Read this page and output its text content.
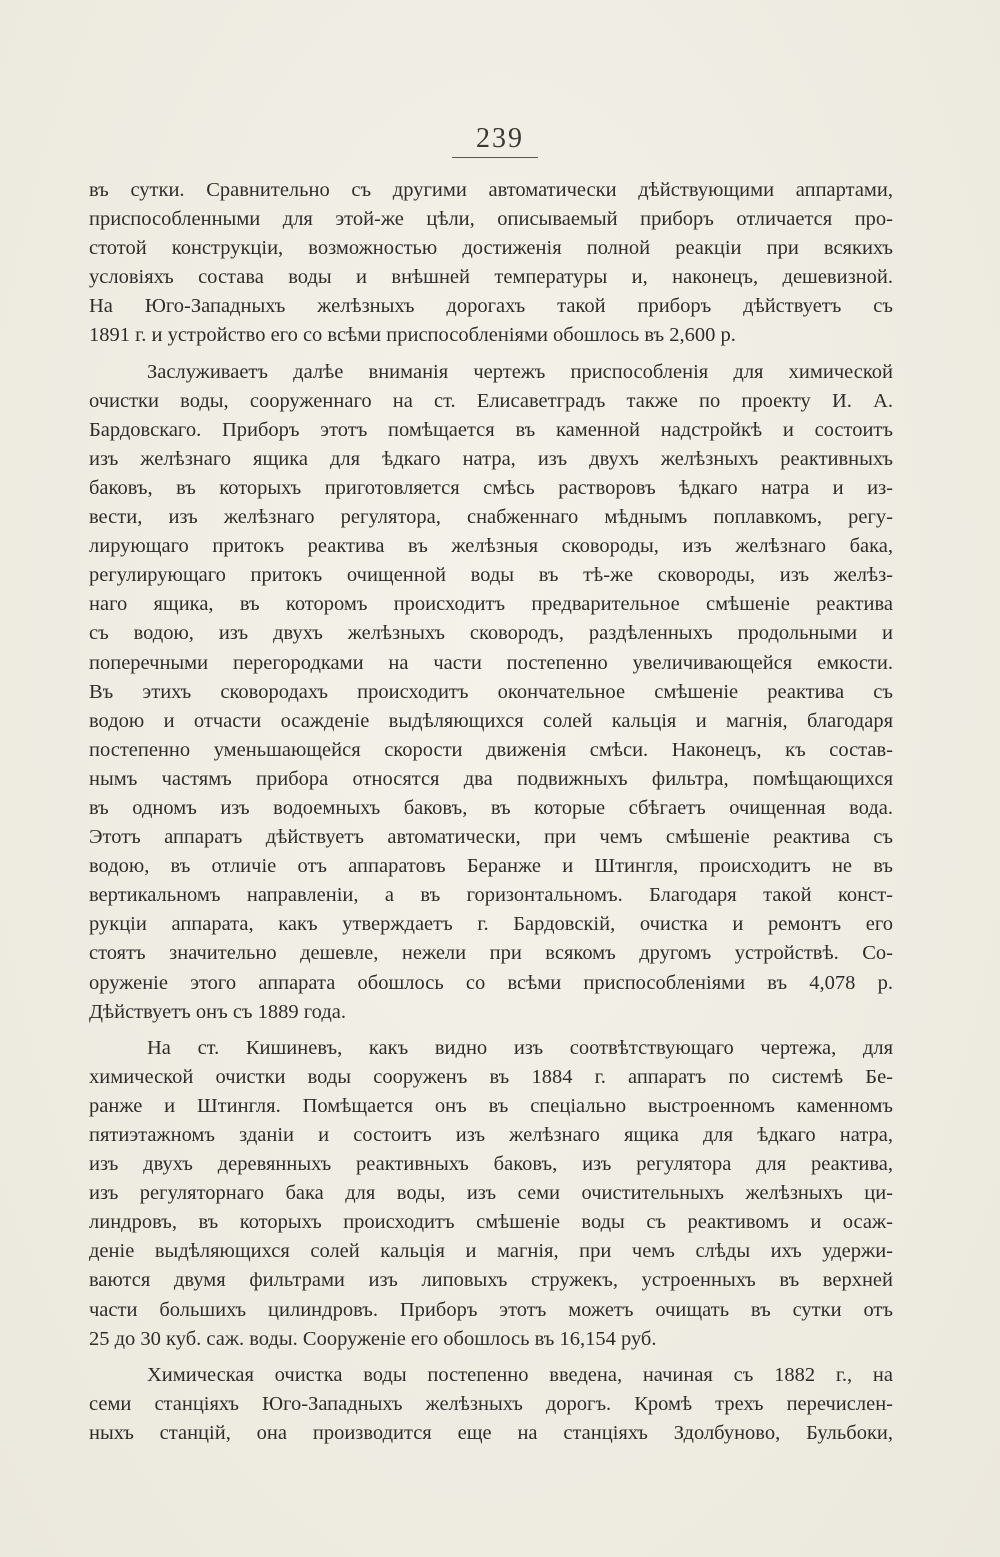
239

въ сутки. Сравнительно съ другими автоматически дѣйствующими аппартами,

приспособленными для этой-же цѣли, описываемый приборъ отличается про-

стотой конструкціи, возможностью достиженія полной реакціи при всякихъ

условіяхъ состава воды и внѣшней температуры и, наконецъ, дешевизной.

На Юго-Западныхъ желѣзныхъ дорогахъ такой приборъ дѣйствуетъ съ

1891 г. и устройство его со всѣми приспособленіями обошлось въ 2,600 р.

Заслуживаетъ далѣе вниманія чертежъ приспособленія для химической

очистки воды, сооруженнаго на ст. Елисаветградъ также по проекту И. А.

Бардовскаго. Приборъ этотъ помѣщается въ каменной надстройкѣ и состоитъ

изъ желѣзнаго ящика для ѣдкаго натра, изъ двухъ желѣзныхъ реактивныхъ

баковъ, въ которыхъ приготовляется смѣсь растворовъ ѣдкаго натра и из-

вести, изъ желѣзнаго регулятора, снабженнаго мѣднымъ поплавкомъ, регу-

лирующаго притокъ реактива въ желѣзныя сковороды, изъ желѣзнаго бака,

регулирующаго притокъ очищенной воды въ тѣ-же сковороды, изъ желѣз-

наго ящика, въ которомъ происходитъ предварительное смѣшеніе реактива

съ водою, изъ двухъ желѣзныхъ сковородъ, раздѣленныхъ продольными и

поперечными перегородками на части постепенно увеличивающейся емкости.

Въ этихъ сковородахъ происходитъ окончательное смѣшеніе реактива съ

водою и отчасти осажденіе выдѣляющихся солей кальція и магнія, благодаря

постепенно уменьшающейся скорости движенія смѣси. Наконецъ, къ состав-

нымъ частямъ прибора относятся два подвижныхъ фильтра, помѣщающихся

въ одномъ изъ водоемныхъ баковъ, въ которые сбѣгаетъ очищенная вода.

Этотъ аппаратъ дѣйствуетъ автоматически, при чемъ смѣшеніе реактива съ

водою, въ отличіе отъ аппаратовъ Беранже и Штингля, происходитъ не въ

вертикальномъ направленіи, а въ горизонтальномъ. Благодаря такой конст-

рукціи аппарата, какъ утверждаетъ г. Бардовскій, очистка и ремонтъ его

стоятъ значительно дешевле, нежели при всякомъ другомъ устройствѣ. Со-

оруженіе этого аппарата обошлось со всѣми приспособленіями въ 4,078 р.

Дѣйствуетъ онъ съ 1889 года.

На ст. Кишиневъ, какъ видно изъ соотвѣтствующаго чертежа, для

химической очистки воды сооруженъ въ 1884 г. аппаратъ по системѣ Бе-

ранже и Штингля. Помѣщается онъ въ спеціально выстроенномъ каменномъ

пятиэтажномъ зданіи и состоитъ изъ желѣзнаго ящика для ѣдкаго натра,

изъ двухъ деревянныхъ реактивныхъ баковъ, изъ регулятора для реактива,

изъ регуляторнаго бака для воды, изъ семи очистительныхъ желѣзныхъ ци-

линдровъ, въ которыхъ происходитъ смѣшеніе воды съ реактивомъ и осаж-

деніе выдѣляющихся солей кальція и магнія, при чемъ слѣды ихъ удержи-

ваются двумя фильтрами изъ липовыхъ стружекъ, устроенныхъ въ верхней

части большихъ цилиндровъ. Приборъ этотъ можетъ очищать въ сутки отъ

25 до 30 куб. саж. воды. Сооруженіе его обошлось въ 16,154 руб.

Химическая очистка воды постепенно введена, начиная съ 1882 г., на

семи станціяхъ Юго-Западныхъ желѣзныхъ дорогъ. Кромѣ трехъ перечислен-

ныхъ станцій, она производится еще на станціяхъ Здолбуново, Бульбоки,
